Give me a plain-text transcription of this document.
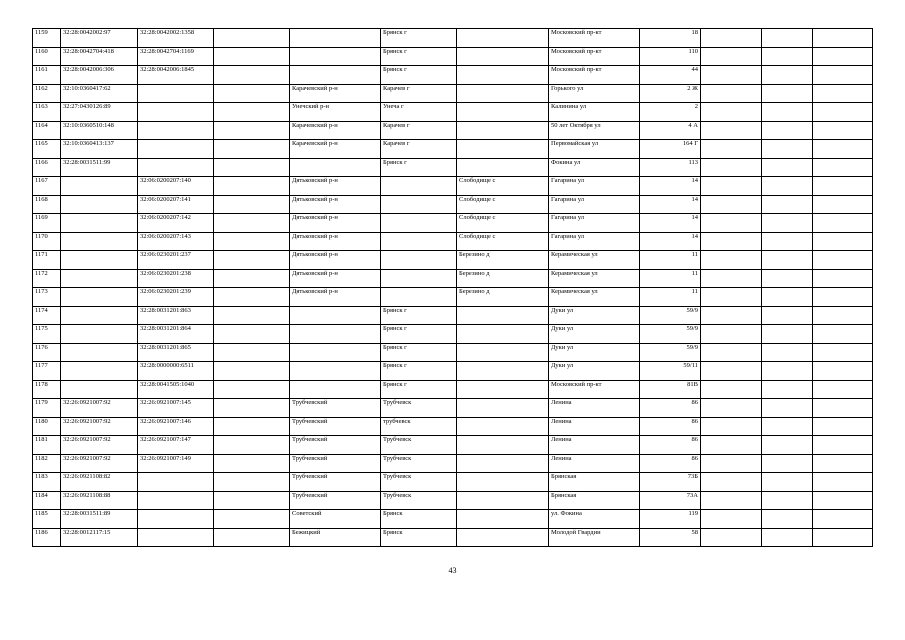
1159	32:28:0042002:97	32:28:0042002:1358			Брянск г		Московский пр-кт	18			
1160	32:28:0042704:418	32:28:0042704:1169			Брянск г		Московский пр-кт	110			
1161	32:28:0042006:306	32:28:0042006:1845			Брянск г		Московский пр-кт	44			
1162	32:10:0360417:62			Карачевский р-н	Карачев г		Горького ул	2 Ж			
1163	32:27:0430126:89			Унечский р-н	Унеча г		Калинина ул	2			
1164	32:10:0360510:148			Карачевский р-н	Карачев г		50 лет Октября ул	4 А			
1165	32:10:0360413:137			Карачевский р-н	Карачев г		Первомайская ул	164 Г			
1166	32:28:0031511:99				Брянск г		Фокина ул	113			
1167		32:06:0200207:140		Дятьковский р-н		Слободище с	Гагарина ул	14			
1168		32:06:0200207:141		Дятьковский р-н		Слободище с	Гагарина ул	14			
1169		32:06:0200207:142		Дятьковский р-н		Слободище с	Гагарина ул	14			
1170		32:06:0200207:143		Дятьковский р-н		Слободище с	Гагарина ул	14			
1171		32:06:0230201:237		Дятьковский р-н		Березино д	Керамическая ул	11			
1172		32:06:0230201:238		Дятьковский р-н		Березино д	Керамическая ул	11			
1173		32:06:0230201:239		Дятьковский р-н		Березино д	Керамическая ул	11			
1174		32:28:0031201:863			Брянск г		Дуки ул	59/9			
1175		32:28:0031201:864			Брянск г		Дуки ул	59/9			
1176		32:28:0031201:865			Брянск г		Дуки ул	59/9			
1177		32:28:0000000:6511			Брянск г		Дуки ул	59/11			
1178		32:28:0041505:1040			Брянск г		Московский пр-кт	81В			
1179	32:26:0921007:92	32:26:0921007:145		Трубчевский	Трубчевск		Ленина	86			
1180	32:26:0921007:92	32:26:0921007:146		Трубчевский	трубчевск		Ленина	86			
1181	32:26:0921007:92	32:26:0921007:147		Трубчевский	Трубчевск		Ленина	86			
1182	32:26:0921007:92	32:26:0921007:149		Трубчевский	Трубчевск		Ленина	86			
1183	32:26:0921108:82			Трубчевский	Трубчевск		Брянская	73Б			
1184	32:26:0921108:88			Трубчевский	Трубчевск		Брянская	73А			
1185	32:28:0031511:89			Советский	Брянск		ул. Фокина	119			
1186	32:28:0012117:15			Бежицкий	Брянск		Молодой Гвардии	58			
43
